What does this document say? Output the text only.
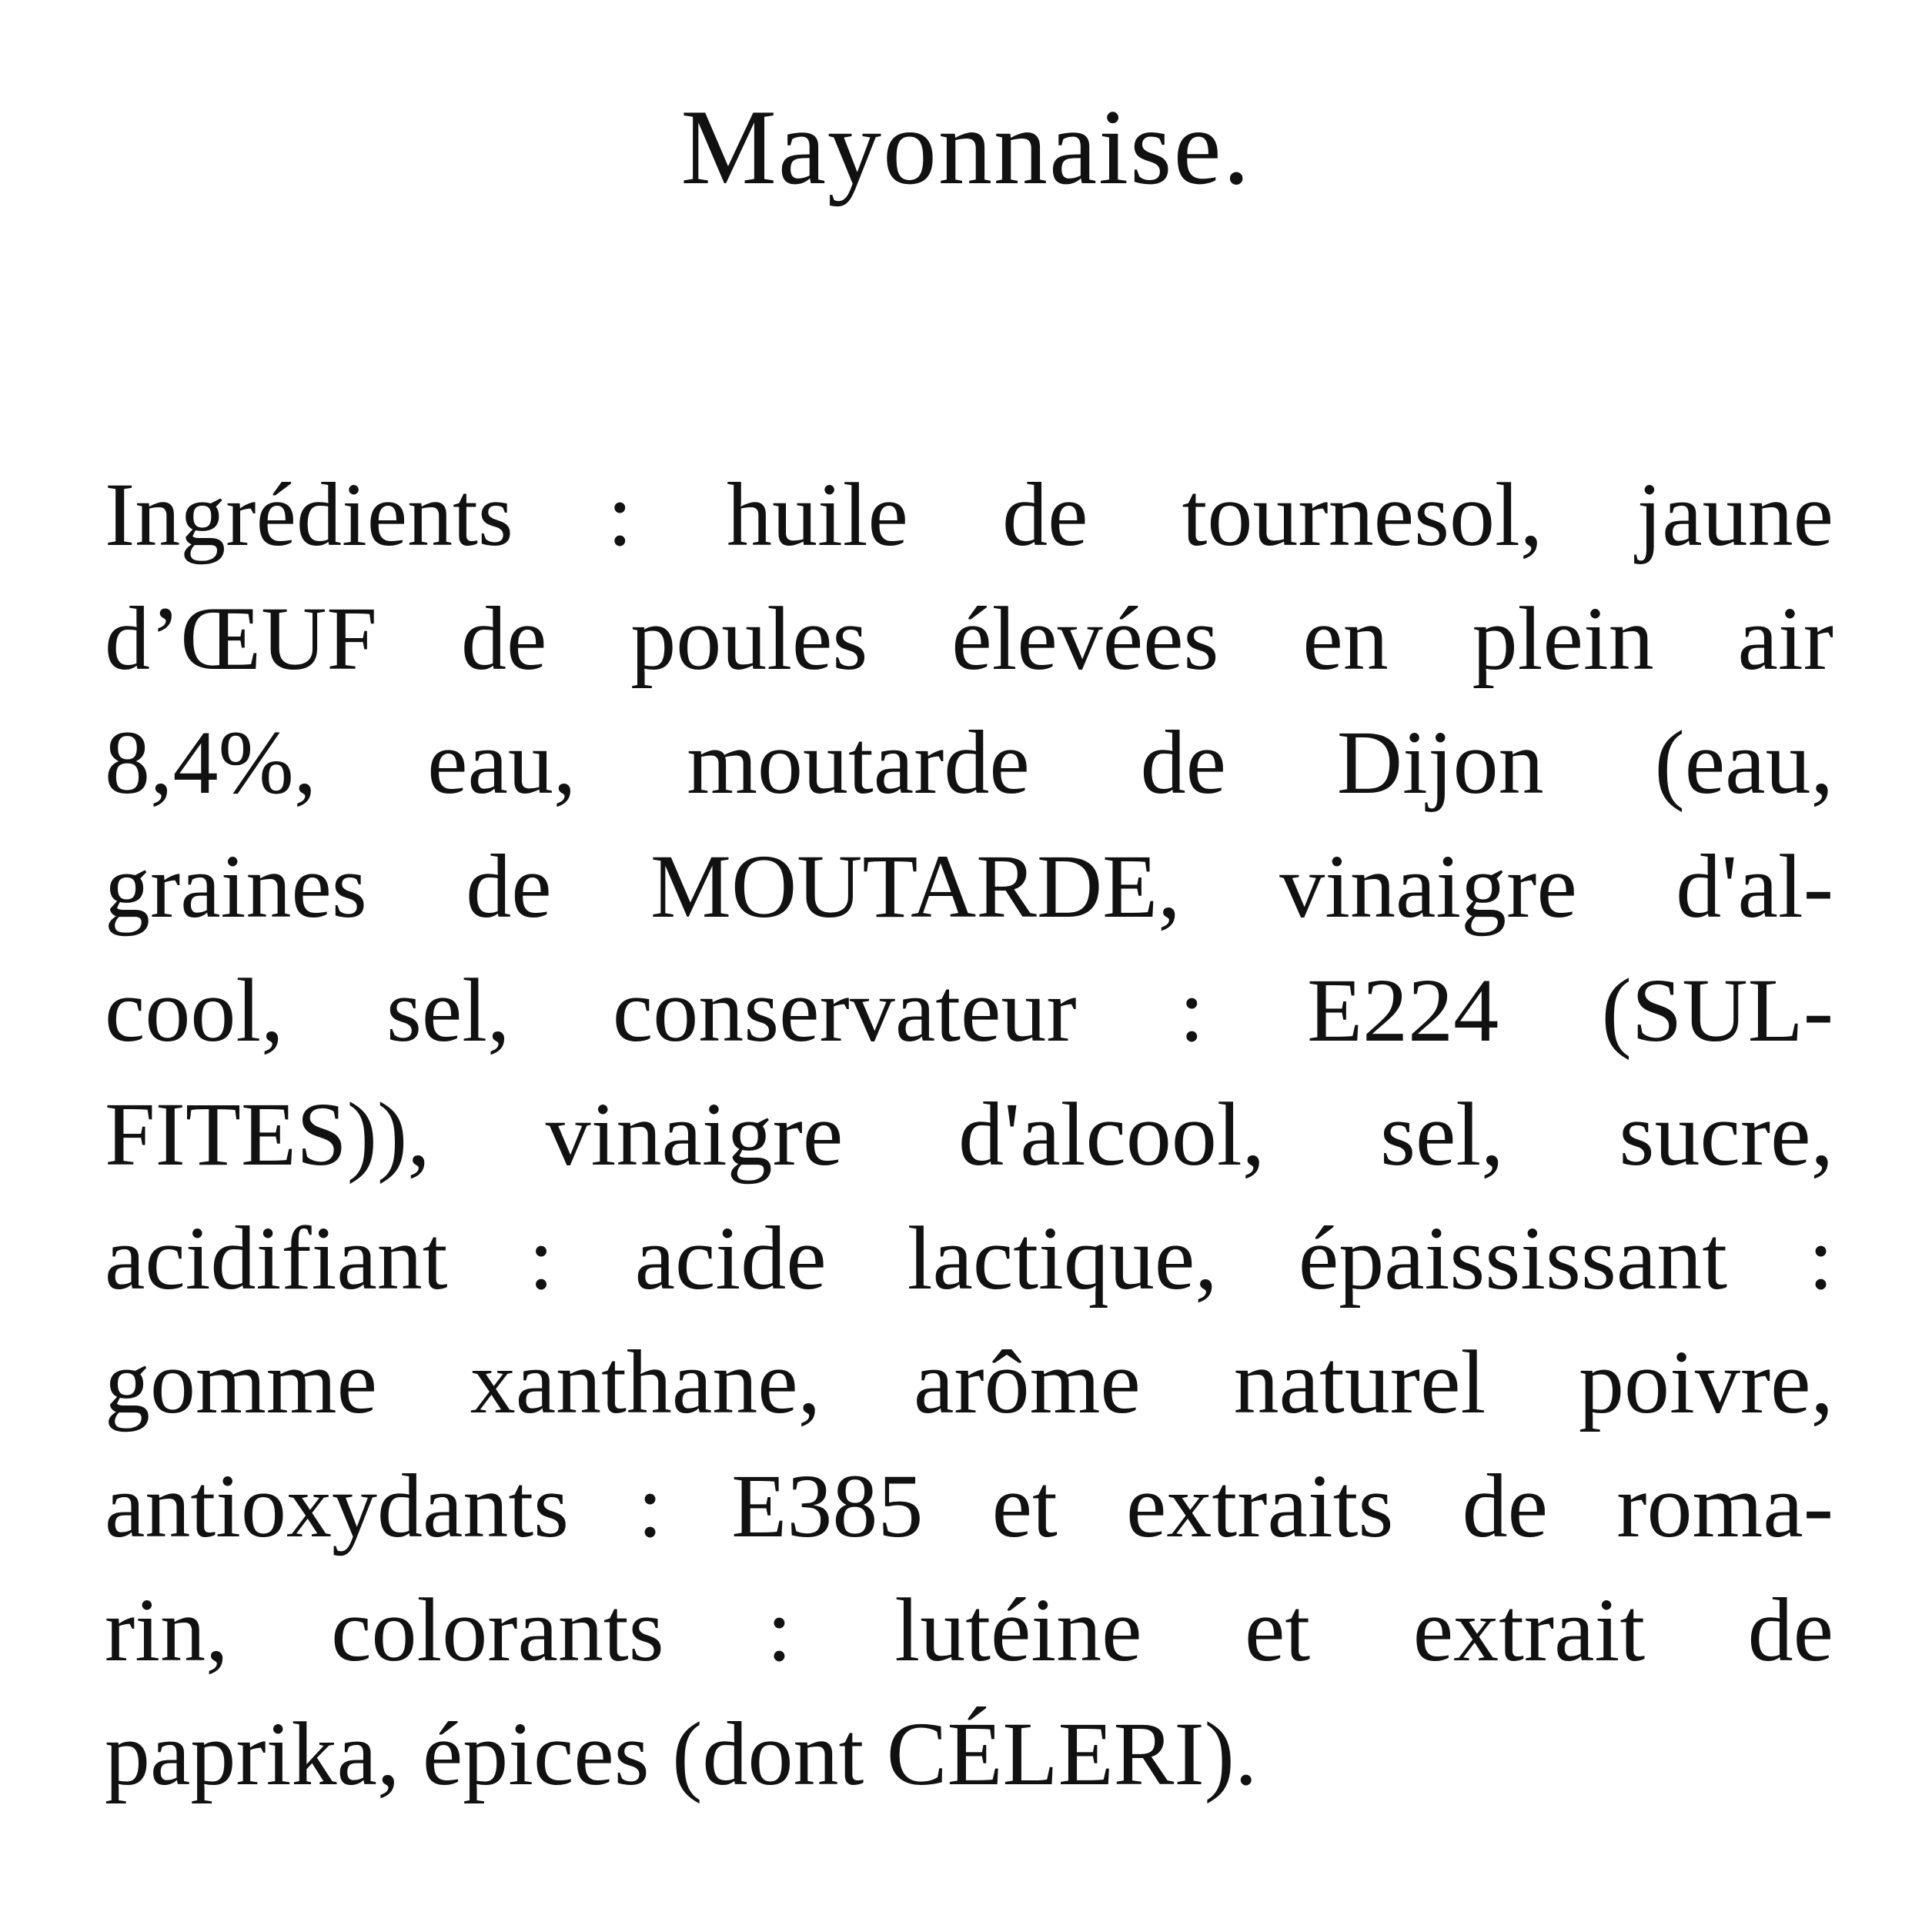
Mayonnaise.
Ingrédients : huile de tournesol, jaune
d’ŒUF de poules élevées en plein air
8,4%, eau, moutarde de Dijon (eau,
graines de MOUTARDE, vinaigre d'al-
cool, sel, conservateur : E224 (SUL-
FITES)), vinaigre d'alcool, sel, sucre,
acidifiant : acide lactique, épaississant :
gomme xanthane, arôme naturel poivre,
antioxydants : E385 et extraits de roma-
rin, colorants : lutéine et extrait de
paprika, épices (dont CÉLERI).
